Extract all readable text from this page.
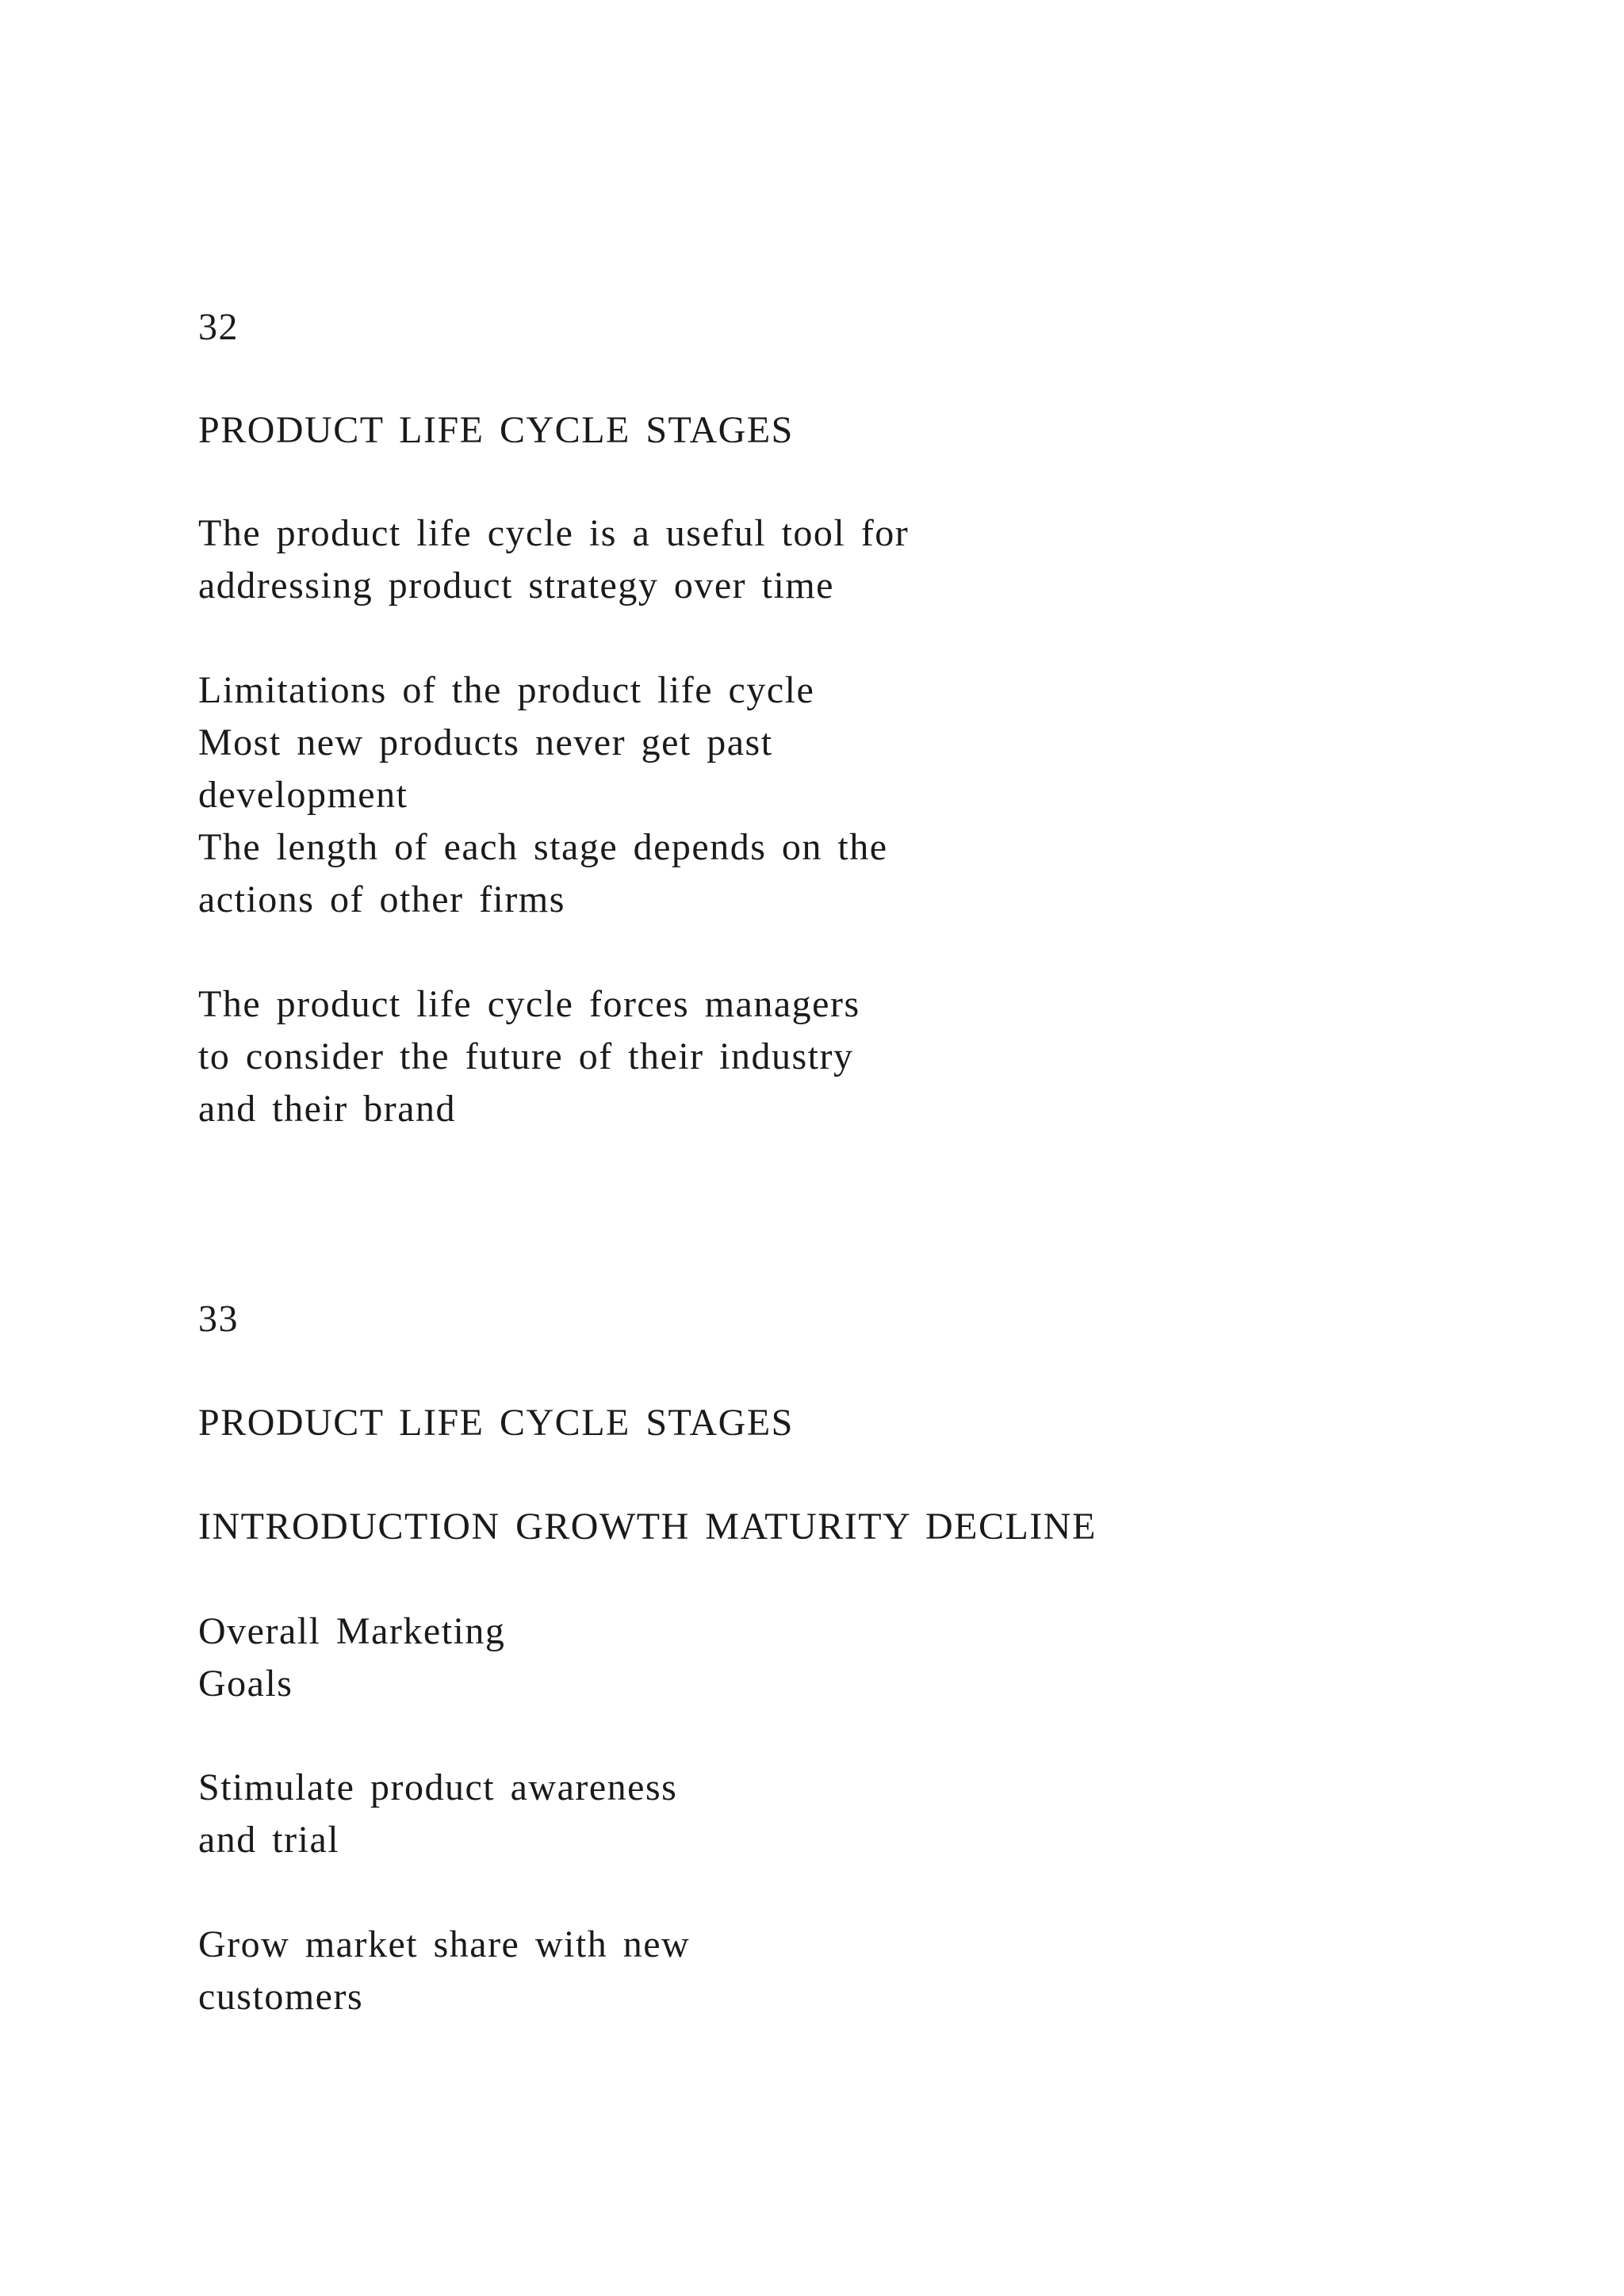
32

PRODUCT LIFE CYCLE STAGES

The product life cycle is a useful tool for

addressing product strategy over time

Limitations of the product life cycle

Most new products never get past

development

The length of each stage depends on the

actions of other firms

The product life cycle forces managers

to consider the future of their industry

and their brand

33

PRODUCT LIFE CYCLE STAGES

INTRODUCTION GROWTH MATURITY DECLINE

Overall Marketing

Goals

Stimulate product awareness

and trial

Grow market share with new

customers
